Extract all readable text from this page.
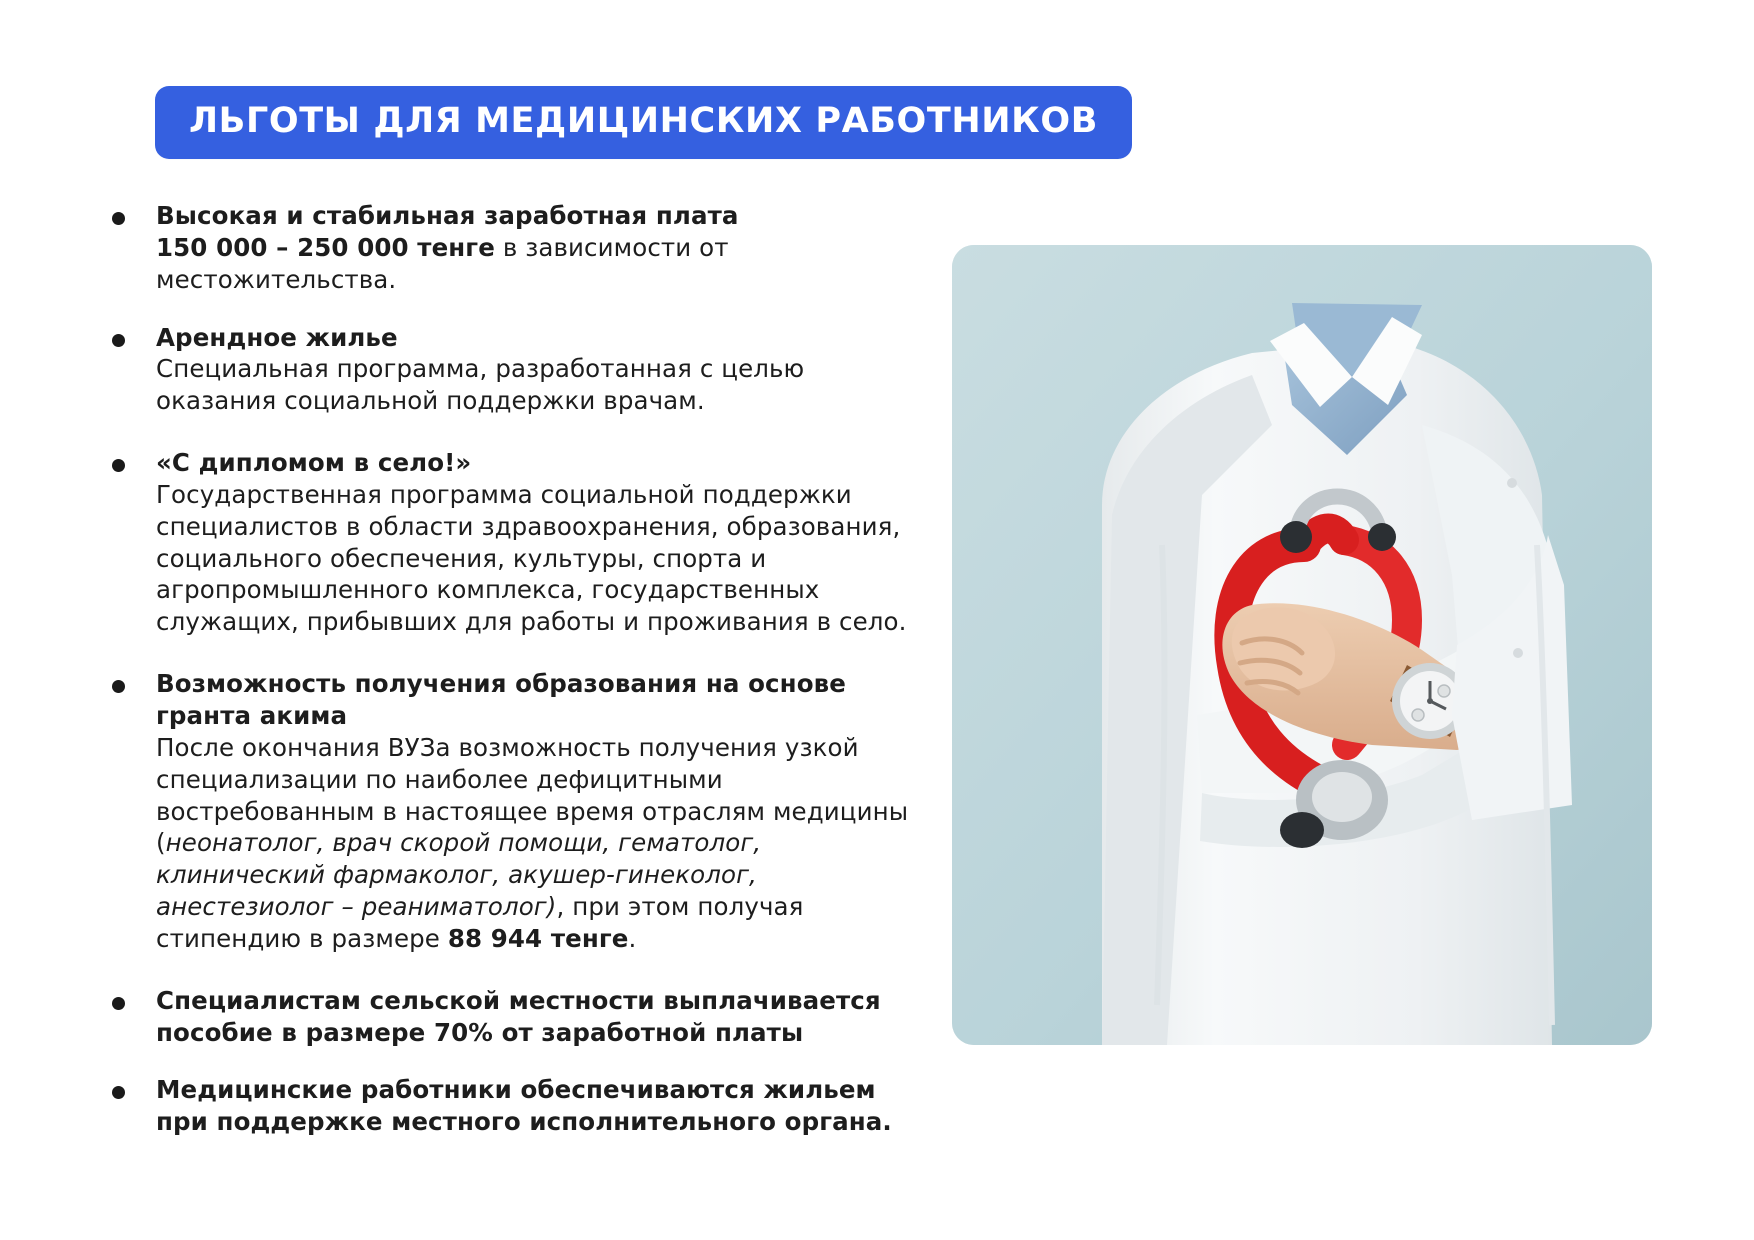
ЛЬГОТЫ ДЛЯ МЕДИЦИНСКИХ РАБОТНИКОВ
Высокая и стабильная заработная плата
150 000 – 250 000 тенге в зависимости от местожительства.
Арендное жилье
Специальная программа, разработанная с целью оказания социальной поддержки врачам.
«С дипломом в село!»
Государственная программа социальной поддержки специалистов в области здравоохранения, образования, социального обеспечения, культуры, спорта и агропромышленного комплекса, государственных служащих, прибывших для работы и проживания в село.
Возможность получения образования на основе гранта акима
После окончания ВУЗа возможность получения узкой специализации по наиболее дефицитными востребованным в настоящее время отраслям медицины (неонатолог, врач скорой помощи, гематолог, клинический фармаколог, акушер-гинеколог, анестезиолог – реаниматолог), при этом получая стипендию в размере 88 944 тенге.
Специалистам сельской местности выплачивается пособие в размере 70% от заработной платы
Медицинские работники обеспечиваются жильем при поддержке местного исполнительного органа.
